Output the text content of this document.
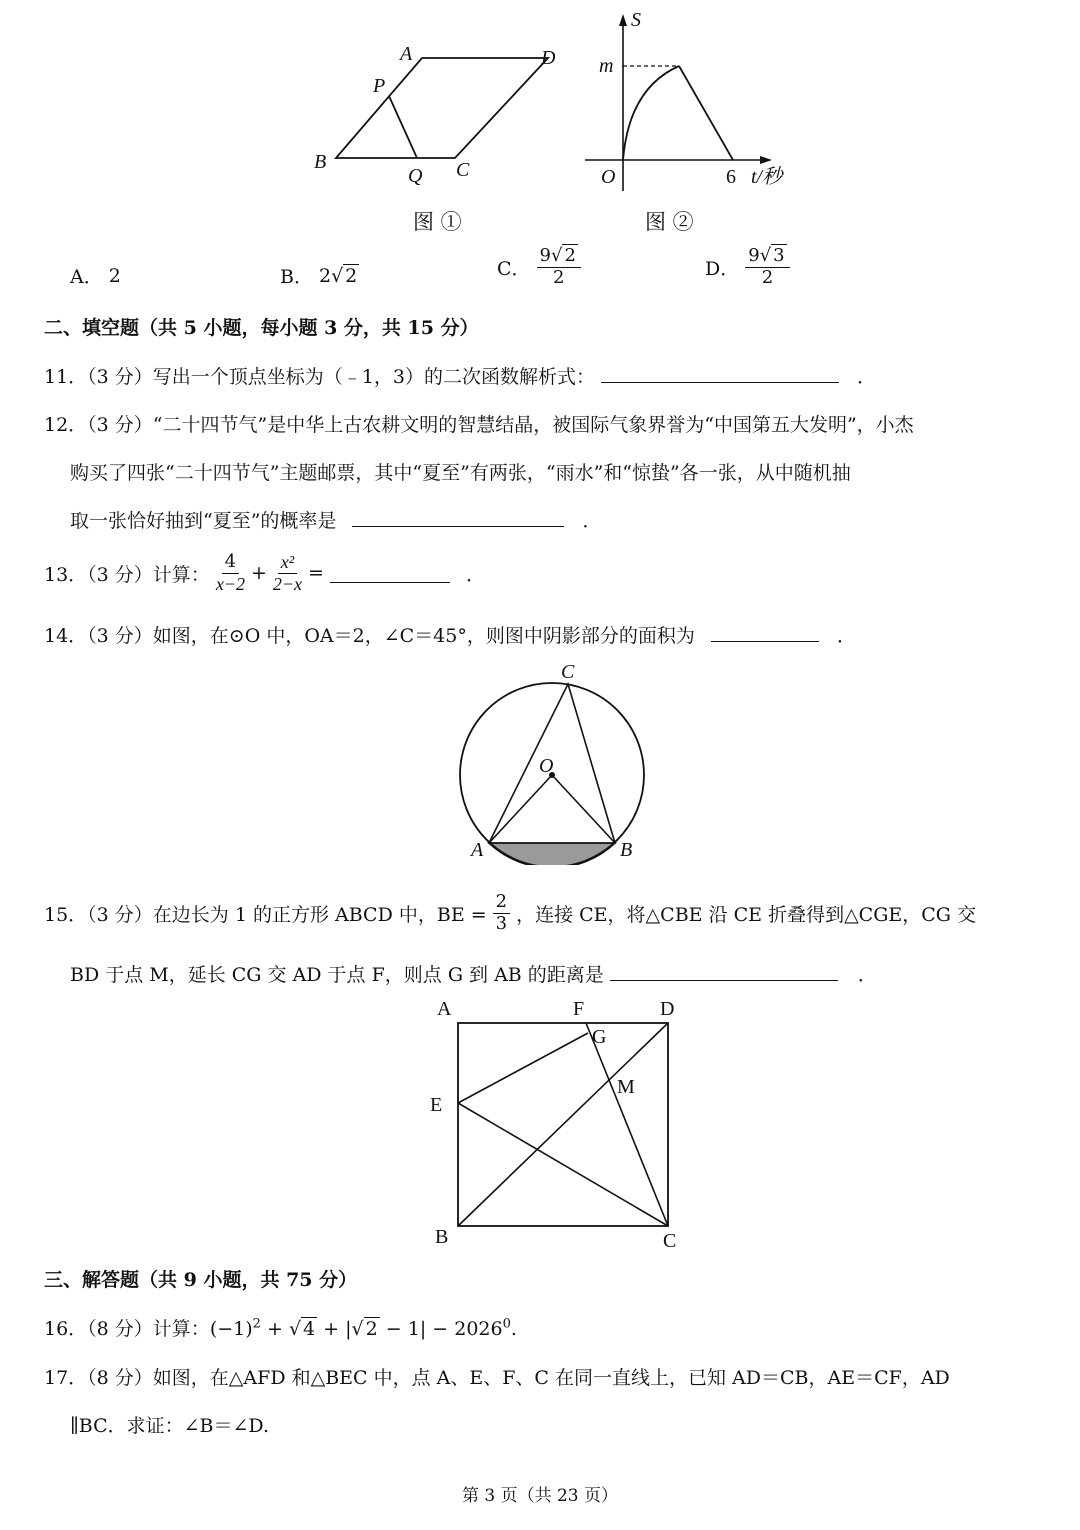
A	D
P
B
Q C
图 ①
S
m
O	6 t/秒
图 ②
A． 2	B． 2√ 2	C． $\frac{9√ 2}{2}$	D． $\frac{9√ 3}{2}$
二、填空题（共 5 小题，每小题 3 分，共 15 分）
11．（3 分）写出一个顶点坐标为（﹣1，3）的二次函数解析式：	．
12．（3 分）“二十四节气”是中华上古农耕文明的智慧结晶，被国际气象界誉为“中国第五大发明”，小杰
购买了四张“二十四节气”主题邮票，其中“夏至”有两张，“雨水”和“惊蛰”各一张，从中随机抽
取一张恰好抽到“夏至”的概率是	．
13．（3 分）计算： $\frac{4}{x-2} + \frac{\text{x²}}{2-x}$ =	．
14．（3 分）如图，在⊙O 中，OA＝2，∠C＝45°，则图中阴影部分的面积为	．
C
O
A	B
15．（3 分）在边长为 1 的正方形 ABCD 中，BE = $\frac{2}{3}$ ，连接 CE，将△CBE 沿 CE 折叠得到△CGE，CG 交
BD 于点 M，延长 CG 交 AD 于点 F，则点 G 到 AB 的距离是	．
A	F	D
G
M
E
B	C
三、解答题（共 9 小题，共 75 分）
16．（8 分）计算：$(-1)^2$ + √ 4 + |√ $2 - 1| - 2026^0$.
17．（8 分）如图，在△AFD 和△BEC 中，点 A、E、F、C 在同一直线上，已知 AD＝CB，AE＝CF，AD
∥BC．求证：∠B＝∠D.
第 3 页（共 23 页）
